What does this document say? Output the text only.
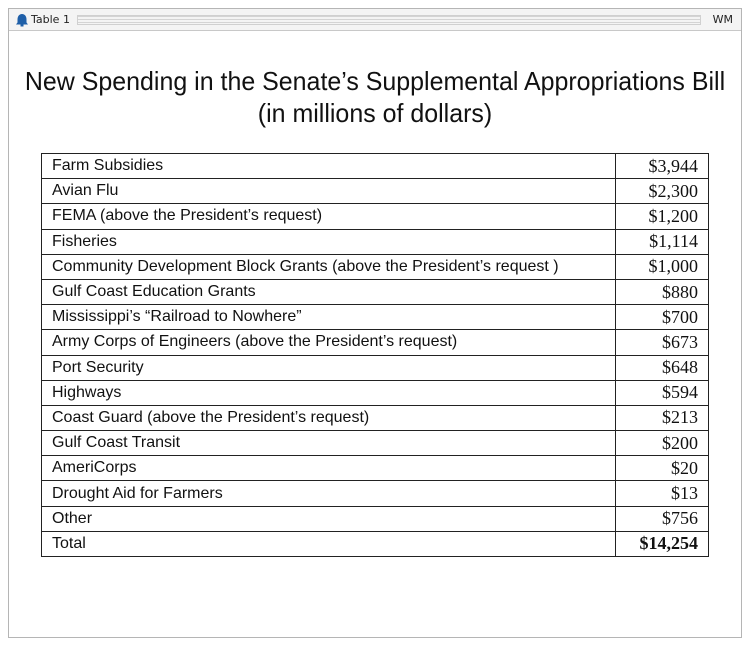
Table 1	WM
New Spending in the Senate’s Supplemental Appropriations Bill
(in millions of dollars)
Farm Subsidies	$3,944
Avian Flu	$2,300
FEMA (above the President’s request)	$1,200
Fisheries	$1,114
Community Development Block Grants (above the President’s request )	$1,000
Gulf Coast Education Grants	$880
Mississippi’s “Railroad to Nowhere”	$700
Army Corps of Engineers (above the President’s request)	$673
Port Security	$648
Highways	$594
Coast Guard (above the President’s request)	$213
Gulf Coast Transit	$200
AmeriCorps	$20
Drought Aid for Farmers	$13
Other	$756
Total	$14,254
